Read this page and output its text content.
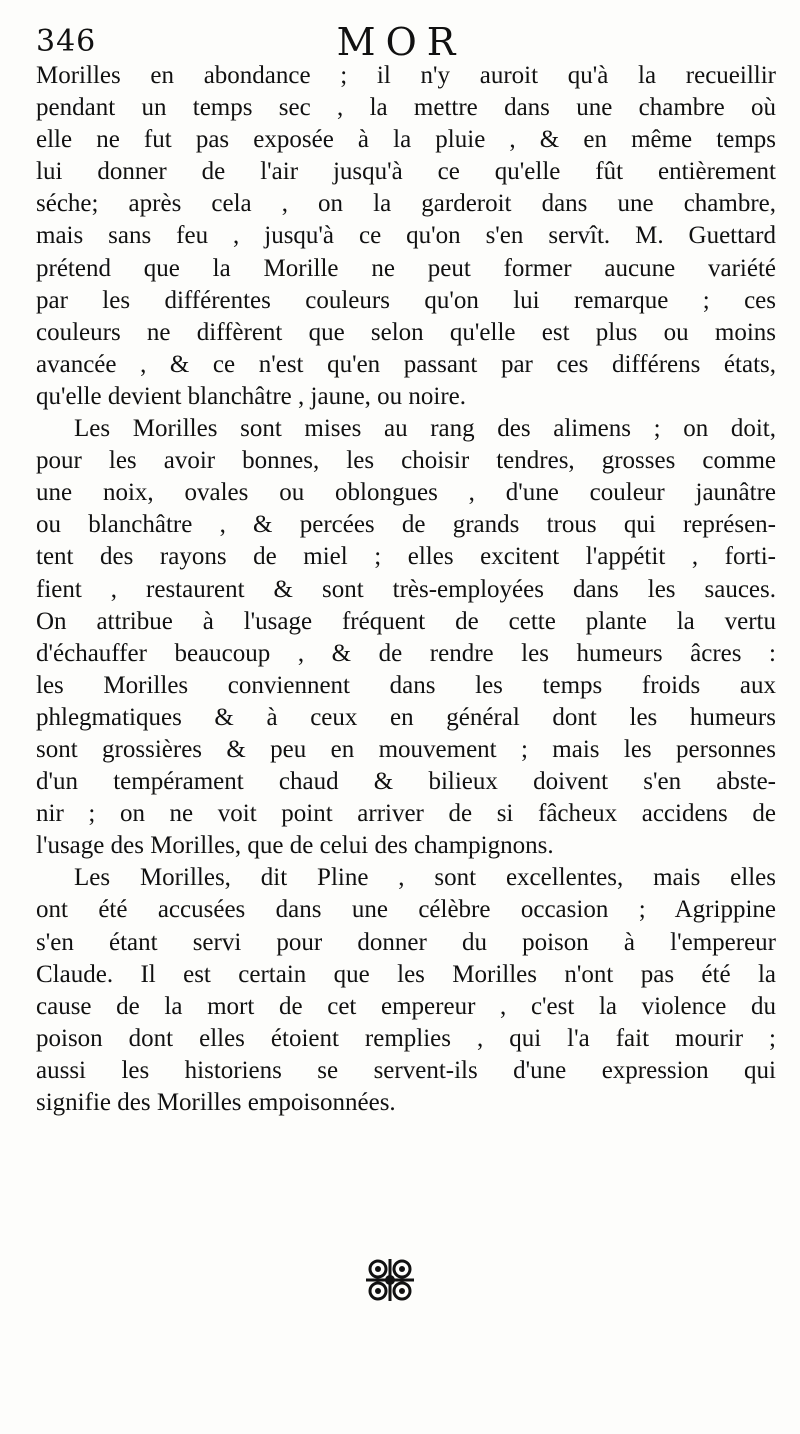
346	MOR
Morilles en abondance ; il n'y auroit qu'à la recueillir
pendant un temps sec , la mettre dans une chambre où
elle ne fut pas exposée à la pluie , & en même temps
lui donner de l'air jusqu'à ce qu'elle fût entièrement
séche; après cela , on la garderoit dans une chambre,
mais sans feu , jusqu'à ce qu'on s'en servît. M. Guettard
prétend que la Morille ne peut former aucune variété
par les différentes couleurs qu'on lui remarque ; ces
couleurs ne diffèrent que selon qu'elle est plus ou moins
avancée , & ce n'est qu'en passant par ces différens états,
qu'elle devient blanchâtre , jaune, ou noire.
Les Morilles sont mises au rang des alimens ; on doit,
pour les avoir bonnes, les choisir tendres, grosses comme
une noix, ovales ou oblongues , d'une couleur jaunâtre
ou blanchâtre , & percées de grands trous qui représen-
tent des rayons de miel ; elles excitent l'appétit , forti-
fient , restaurent & sont très-employées dans les sauces.
On attribue à l'usage fréquent de cette plante la vertu
d'échauffer beaucoup , & de rendre les humeurs âcres :
les Morilles conviennent dans les temps froids aux
phlegmatiques & à ceux en général dont les humeurs
sont grossières & peu en mouvement ; mais les personnes
d'un tempérament chaud & bilieux doivent s'en abste-
nir ; on ne voit point arriver de si fâcheux accidens de
l'usage des Morilles, que de celui des champignons.
Les Morilles, dit Pline , sont excellentes, mais elles
ont été accusées dans une célèbre occasion ; Agrippine
s'en étant servi pour donner du poison à l'empereur
Claude. Il est certain que les Morilles n'ont pas été la
cause de la mort de cet empereur , c'est la violence du
poison dont elles étoient remplies , qui l'a fait mourir ;
aussi les historiens se servent-ils d'une expression qui
signifie des Morilles empoisonnées.
